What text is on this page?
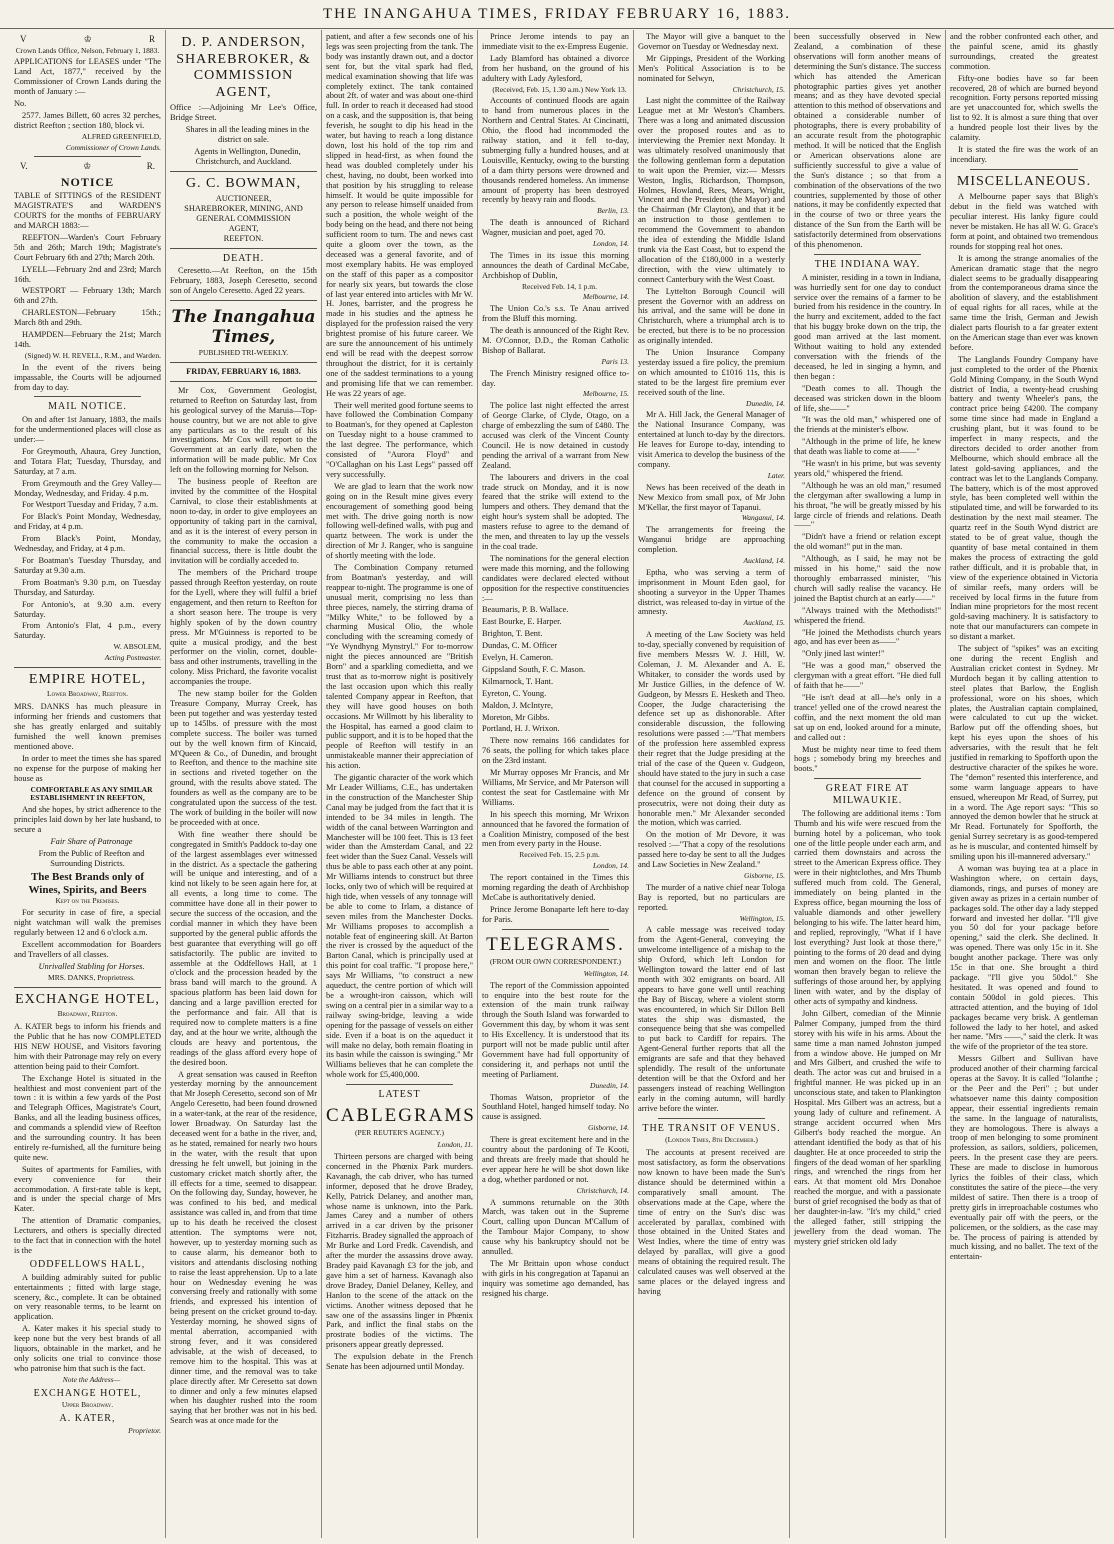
THE INANGAHUA TIMES, FRIDAY FEBRUARY 16, 1883.
V	♔	R

Crown Lands Office, Nelson, February 1, 1883.

APPLICATIONS for LEASES under "The Land Act, 1877," received by the Commissioner of Crown Lands during the month of January :—

No.

2577. James Billett, 60 acres 32 perches, district Reefton ; section 180, block vi.

ALFRED GREENFIELD,

Commissioner of Crown Lands.

V.	♔	R.
NOTICE

TABLE of SITTINGS of the RESIDENT MAGISTRATE'S and WARDEN'S COURTS for the months of FEBRUARY and MARCH 1883:—

REEFTON—Warden's Court February 5th and 26th; March 19th; Magistrate's Court February 6th and 27th; March 20th.

LYELL—February 2nd and 23rd; March 16th.

WESTPORT — February 13th; March 6th and 27th.

CHARLESTON—February 15th.; March 8th and 29th.

HAMPDEN—February the 21st; March 14th.

(Signed) W. H. REVELL, R.M., and Warden.

In the event of the rivers being impassable, the Courts will be adjourned from day to day.

MAIL NOTICE.

On and after 1st January, 1883, the mails for the undermentioned places will close as under:—

For Greymouth, Ahaura, Grey Junction, and Totara Flat; Tuesday, Thursday, and Saturday, at 7 a.m.

From Greymouth and the Grey Valley—Monday, Wednesday, and Friday. 4 p.m.

For Westport Tuesday and Friday, 7 a.m.

For Black's Point Monday, Wednesday, and Friday, at 4 p.m.

From Black's Point, Monday, Wednesday, and Friday, at 4 p.m.

For Boatman's Tuesday Thursday, and Saturday at 9.30 a.m.

From Boatman's 9.30 p.m, on Tuesday Thursday, and Saturday.

For Antonio's, at 9.30 a.m. every Saturday.

From Antonio's Flat, 4 p.m., every Saturday.

W. ABSOLEM,

Acting Postmaster.

EMPIRE HOTEL,
Lower Broadway, Reefton.

MRS. DANKS has much pleasure in informing her friends and customers that she has greatly enlarged and suitably furnished the well known premises mentioned above.

In order to meet the times she has spared no expense for the purpose of making her house as

COMFORTABLE AS ANY SIMILAR ESTABLISHMENT IN REEFTON,

And she hopes, by strict adherence to the principles laid down by her late husband, to secure a

Fair Share of Patronage

From the Public of Reefton and Surrounding Districts.

The Best Brands only of Wines, Spirits, and Beers
Kept on the Premises.

For security in case of fire, a special night watchman will walk the premises regularly between 12 and 6 o'clock a.m.

Excellent accommodation for Boarders and Travellers of all classes.

Unrivalled Stabling for Horses.

MRS. DANKS, Proprietress.

EXCHANGE HOTEL,
Broadway, Reefton.

A. KATER begs to inform his friends and the Public that he has now COMPLETED HIS NEW HOUSE, and Visitors favoring him with their Patronage may rely on every attention being paid to their Comfort.

The Exchange Hotel is situated in the healthiest and most convenient part of the town : it is within a few yards of the Post and Telegraph Offices, Magistrate's Court, Banks, and all the leading business offices, and commands a splendid view of Reefton and the surrounding country. It has been entirely re-furnished, all the furniture being quite new.

Suites of apartments for Families, with every convenience for their accommodation. A first-rate table is kept, and is under the special charge of Mrs Kater.

The attention of Dramatic companies, Lecturers, and others is specially directed to the fact that in connection with the hotel is the

ODDFELLOWS HALL,

A building admirably suited for public entertainments ; fitted with large stage, scenery, &c., complete. It can be obtained on very reasonable terms, to be learnt on application.

A. Kater makes it his special study to keep none but the very best brands of all liquors, obtainable in the market, and he only solicits one trial to convince those who patronise him that such is the fact.

Note the Address—

EXCHANGE HOTEL,
Upper Broadway.
A. KATER,

Proprietor.

D. P. ANDERSON, SHAREBROKER, & COMMISSION AGENT,

Office :—Adjoining Mr Lee's Office, Bridge Street.

Shares in all the leading mines in the district on sale.

Agents in Wellington, Dunedin, Christchurch, and Auckland.

G. C. BOWMAN,
AUCTIONEER,
SHAREBROKER, MINING, AND
GENERAL COMMISSION
AGENT,
REEFTON.
DEATH.

Ceresetto.—At Reefton, on the 15th February, 1883, Joseph Ceresetto, second son of Angelo Ceresetto. Aged 22 years.

The Inangahua Times,
PUBLISHED TRI-WEEKLY.
FRIDAY, FEBRUARY 16, 1883.

Mr Cox, Government Geologist, returned to Reefton on Saturday last, from his geological survey of the Maruia—Top-house country, but we are not able to give any particulars as to the result of his investigations. Mr Cox will report to the Government at an early date, when the information will be made public. Mr Cox left on the following morning for Nelson.

The business people of Reefton are invited by the committee of the Hospital Carnival, to close their establishments at noon to-day, in order to give employees an opportunity of taking part in the carnival, and as it is the interest of every person in the community to make the occasion a financial success, there is little doubt the invitation will be cordially acceded to.

The members of the Prichard troupe passed through Reefton yesterday, on route for the Lyell, where they will fulfil a brief engagement, and then return to Reefton for a short season here. The troupe is very highly spoken of by the down country press. Mr M'Guinness is reported to be quite a musical prodigy, and the best performer on the violin, cornet, double-bass and other instruments, travelling in the colony. Miss Prichard, the favorite vocalist accompanies the troupe.

The new stamp boiler for the Golden Treasure Company, Murray Creek, has been put together and was yesterday tested up to 145lbs. of pressure with the most complete success. The boiler was turned out by the well known firm of Kincaid, M'Queen & Co., of Dunedin, and brought to Reefton, and thence to the machine site in sections and riveted together on the ground, with the results above stated. The founders as well as the company are to be congratulated upon the success of the test. The work of building in the boiler will now be proceeded with at once.

With fine weather there should be congregated in Smith's Paddock to-day one of the largest assemblages ever witnessed in the district. As a spectacle the gathering will be unique and interesting, and of a kind not likely to be seen again here for, at all events, a long time to come. The committee have done all in their power to secure the success of the occasion, and the cordial manner in which they have been supported by the general public affords the best guarantee that everything will go off satisfactorily. The public are invited to assemble at the Oddfellows Hall, at 1 o'clock and the procession headed by the brass band will march to the ground. A spacious platform has been laid down for dancing and a large pavillion erected for the performance and fair. All that is required now to complete matters is a fine day, and at the hour we write, although the clouds are heavy and portentous, the readings of the glass afford every hope of the desired boon.

A great sensation was caused in Reefton yesterday morning by the announcement that Mr Joseph Ceresetto, second son of Mr Angelo Ceresetto, had been found drowned in a water-tank, at the rear of the residence, lower Broadway. On Saturday last the deceased went for a bathe in the river, and, as he stated, remained for nearly two hours in the water, with the result that upon dressing he felt unwell, but joining in the customary cricket match shortly after, the ill effects for a time, seemed to disappear. On the following day, Sunday, however, he was confined to his bed, and medical assistance was called in, and from that time up to his death he received the closest attention. The symptoms were not, however, up to yesterday morning such as to cause alarm, his demeanor both to visitors and attendants disclosing nothing to raise the least apprehension. Up to a late hour on Wednesday evening he was conversing freely and rationally with some friends, and expressed his intention of being present on the cricket ground to-day. Yesterday morning, he showed signs of mental aberration, accompanied with strong fever, and it was considered advisable, at the wish of deceased, to remove him to the hospital. This was at dinner time, and the removal was to take place directly after. Mr Ceresetto sat down to dinner and only a few minutes elapsed when his daughter rushed into the room saying that her brother was not in his bed. Search was at once made for the

patient, and after a few seconds one of his legs was seen projecting from the tank. The body was instantly drawn out, and a doctor sent for, but the vital spark had fled, medical examination showing that life was completely extinct. The tank contained about 2ft. of water and was about one-third full. In order to reach it deceased had stood on a cask, and the supposition is, that being feverish, he sought to dip his head in the water, but having to reach a long distance down, lost his hold of the top rim and slipped in head-first, as when found the head was doubled completely under his chest, having, no doubt, been worked into that position by his struggling to release himself. It would be quite impossible for any person to release himself unaided from such a position, the whole weight of the body being on the head, and there not being sufficient room to turn. The and news cast quite a gloom over the town, as the deceased was a general favorite, and of most exemplary habits. He was employed on the staff of this paper as a compositor for nearly six years, but towards the close of last year entered into articles with Mr W. H. Jones, barrister, and the progress he made in his studies and the aptness he displayed for the profession raised the very brightest promise of his future career. We are sure the announcement of his untimely end will be read with the deepest sorrow throughout the district, for it is certainly one of the saddest terminations to a young and promising life that we can remember. He was 22 years of age.

Their well merited good fortune seems to have followed the Combination Company to Boatman's, for they opened at Capleston on Tuesday night to a house crammed to the last degree. The performance, which consisted of "Aurora Floyd" and "O'Callaghan on his Last Legs" passed off very successfully.

We are glad to learn that the work now going on in the Result mine gives every encouragement of something good being met with. The drive going north is now following well-defined walls, with pug and quartz between. The work is under the direction of Mr J. Ranger, who is sanguine of shortly meeting with the lode.

The Combination Company returned from Boatman's yesterday, and will reappear to-night. The programme is one of unusual merit, comprising no less than three pieces, namely, the stirring drama of "Milky White," to be followed by a charming Musical Olio, the whole concluding with the screaming comedy of "Ye Wyndhyng Mynstryl." For to-morrow night the pieces announced are "British Born" and a sparkling comedietta, and we trust that as to-morrow night is positively the last occasion upon which this really talented Company appear in Reefton, that they will have good houses on both occasions. Mr Willmott by his liberality to the Hospital, has earned a good claim to public support, and it is to be hoped that the people of Reefton will testify in an unmistakeable manner their appreciation of his action.

The gigantic character of the work which Mr Leader Williams, C.E., has undertaken in the construction of the Manchester Ship Canal may be judged from the fact that it is intended to be 34 miles in length. The width of the canal between Warrington and Manchester will be 100 feet. This is 13 feet wider than the Amsterdam Canal, and 22 feet wider than the Suez Canal. Vessels will thus be able to pass each other at any point. Mr Williams intends to construct but three locks, only two of which will be required at high tide, when vessels of any tonnage will be able to come to Irlam, a distance of seven miles from the Manchester Docks. Mr Williams proposes to accomplish a notable feat of engineering skill. At Barton the river is crossed by the aqueduct of the Barton Canal, which is principally used at this point for coal traffic. "I propose here," says Mr Williams, "to construct a new aqueduct, the centre portion of which will be a wrought-iron caisson, which will swing on a central pier in a similar way to a railway swing-bridge, leaving a wide opening for the passage of vessels on either side. Even if a boat is on the aqueduct it will make no delay, both remain floating in its basin while the caisson is swinging." Mr Williams believes that he can complete the whole work for £5,400,000.

LATEST
CABLEGRAMS
(PER REUTER'S AGENCY.)

London, 11.

Thirteen persons are charged with being concerned in the Phœnix Park murders. Kavanagh, the cab driver, who has turned informer, deposed that he drove Bradey, Kelly, Patrick Delaney, and another man, whose name is unknown, into the Park. James Carey and a number of others arrived in a car driven by the prisoner Fitzharris. Bradey signalled the approach of Mr Burke and Lord Fredk. Cavendish, and after the murder the assassins drove away. Bradey paid Kavanagh £3 for the job, and gave him a set of harness. Kavanagh also drove Bradey, Daniel Delaney, Kelley, and Hanlon to the scene of the attack on the victims. Another witness deposed that he saw one of the assassins linger in Phœnix Park, and inflict the final stabs on the prostrate bodies of the victims. The prisoners appear greatly depressed.

The expulsion debate in the French Senate has been adjourned until Monday.

Prince Jerome intends to pay an immediate visit to the ex-Empress Eugenie.

Lady Blamford has obtained a divorce from her husband, on the ground of his adultery with Lady Aylesford,

(Received, Feb. 15, 1.30 a.m.) New York 13.

Accounts of continued floods are again to hand from numerous places in the Northern and Central States. At Cincinatti, Ohio, the flood had incommoded the railway station, and it fell to-day, submerging fully a hundred houses, and at Louisville, Kentucky, owing to the bursting of a dam thirty persons were drowned and thousands rendered homeless. An immense amount of property has been destroyed recently by heavy rain and floods.

Berlin, 13.

The death is announced of Richard Wagner, musician and poet, aged 70.

London, 14.

The Times in its issue this morning announces the death of Cardinal McCabe, Archbishop of Dublin,

Received Feb. 14, 1 p.m.

Melbourne, 14.

The Union Co.'s s.s. Te Anau arrived from the Bluff this morning.

The death is announced of the Right Rev. M. O'Connor, D.D., the Roman Catholic Bishop of Ballarat.

Paris 13.

The French Ministry resigned office to-day.

Melbourne, 15.

The police last night effected the arrest of George Clarke, of Clyde, Otago, on a charge of embezzling the sum of £480. The accused was clerk of the Vincent County Council. He is now detained in custody pending the arrival of a warrant from New Zealand.

The labourers and drivers in the coal trade struck on Monday, and it is now feared that the strike will extend to the lumpers and others. They demand that the eight hour's system shall be adopted. The masters refuse to agree to the demand of the men, and threaten to lay up the vessels in the coal trade.

The nominations for the general election were made this morning, and the following candidates were declared elected without opposition for the respective constituencies :—

Beaumaris, P. B. Wallace.

East Bourke, E. Harper.

Brighton, T. Bent.

Dundas, C. M. Officer

Evelyn, H. Cameron.

Gippsland South, F. C. Mason.

Kilmarnock, T. Hant.

Eyreton, C. Young.

Maldon, J. McIntyre,

Moreton, Mr Gibbs.

Portland, H. J. Wrixon.

There now remains 166 candidates for 76 seats, the polling for which takes place on the 23rd instant.

Mr Murray opposes Mr Francis, and Mr Williams, Mr Service, and Mr Paterson will contest the seat for Castlemaine with Mr Williams.

In his speech this morning, Mr Wrixon announced that he favored the formation of a Coalition Ministry, composed of the best men from every party in the House.

Received Feb. 15, 2.5 p.m.

London, 14.

The report contained in the Times this morning regarding the death of Archbishop McCabe is authoritatively denied.

Prince Jerome Bonaparte left here to-day for Paris.

TELEGRAMS.
(FROM OUR OWN CORRESPONDENT.)

Wellington, 14.

The report of the Commission appointed to enquire into the best route for the extension of the main trunk railway through the South Island was forwarded to Government this day, by whom it was sent to His Excellency. It is understood that its purport will not be made public until after Government have had full opportunity of considering it, and perhaps not until the meeting of Parliament.

Dunedin, 14.

Thomas Watson, proprietor of the Southland Hotel, hanged himself today. No cause is assigned.

Gisborne, 14.

There is great excitement here and in the country about the pardoning of Te Kooti, and threats are freely made that should he ever appear here he will be shot down like a dog, whether pardoned or not.

Christchurch, 14.

A summons returnable on the 30th March, was taken out in the Supreme Court, calling upon Duncan M'Callum of the Tambour Major Company, to show cause why his bankruptcy should not be annulled.

The Mr Brittain upon whose conduct with girls in his congregation at Tapanui an inquiry was sometime ago demanded, has resigned his charge.

The Mayor will give a banquet to the Governor on Tuesday or Wednesday next.

Mr Gippings, President of the Working Men's Political Association is to be nominated for Selwyn,

Christchurch, 15.

Last night the committee of the Railway League met at Mr Weston's Chambers. There was a long and animated discussion over the proposed routes and as to interviewing the Premier next Monday. It was ultimately resolved unanimously that the following gentleman form a deputation to wait upon the Premier, viz:— Messrs Weston, Inglis, Richardson, Thompson, Holmes, Howland, Rees, Mears, Wright, Vincent and the President (the Mayor) and the Chairman (Mr Clayton), and that it be an instruction to those gentlemen to recommend the Government to abandon the idea of extending the Middle Island trunk via the East Coast, but to expend the allocation of the £180,000 in a westerly direction, with the view ultimately to connect Canterbury with the West Coast.

The Lyttelton Borough Council will present the Governor with an address on his arrival, and the same will be done in Christchurch, where a triumphal arch is to be erected, but there is to be no procession as originally intended.

The Union Insurance Company yesterday issued a fire policy, the premium on which amounted to £1016 11s, this is stated to be the largest fire premium ever received south of the line.

Dunedin, 14.

Mr A. Hill Jack, the General Manager of the National Insurance Company, was entertained at lunch to-day by the directors. He leaves for Europe to-day, intending to visit America to develop the business of the company.

Later.

News has been received of the death in New Mexico from small pox, of Mr John M'Kellar, the first mayor of Tapanui.

Wanganui, 14.

The arrangements for freeing the Wanganui bridge are approaching completion.

Auckland, 14.

Eptha, who was serving a term of imprisonment in Mount Eden gaol, for shooting a surveyor in the Upper Thames district, was released to-day in virtue of the amnesty.

Auckland, 15.

A meeting of the Law Society was held to-day, specially convened by requisition of five members Messrs W. J. Hill, W. Coleman, J. M. Alexander and A. E. Whitaker, to consider the words used by Mr Justice Gillies, in the defence of W. Gudgeon, by Messrs E. Hesketh and Theo. Cooper, the Judge characterising the defence set up as dishonorable. After considerable discussion, the following resolutions were passed :—"That members of the profession here assembled express their regret that the Judge presiding at the trial of the case of the Queen v. Gudgeon, should have stated to the jury in such a case that counsel for the accused in supporting a defence on the ground of consent by prosecutrix, were not doing their duty as honorable men." Mr Alexander seconded the motion, which was carried.

On the motion of Mr Devore, it was resolved :—"That a copy of the resolutions passed here to-day be sent to all the Judges and Law Societies in New Zealand."

Gisborne, 15.

The murder of a native chief near Tologa Bay is reported, but no particulars are reported.

Wellington, 15.

A cable message was received today from the Agent-General, conveying the unwelcome intelligence of a mishap to the ship Oxford, which left London for Wellington toward the latter end of last month with 302 emigrants on board. All appears to have gone well until reaching the Bay of Biscay, where a violent storm was encountered, in which Sir Dillon Bell states the ship was dismasted, the consequence being that she was compelled to put back to Cardiff for repairs. The Agent-General further reports that all the emigrants are safe and that they behaved splendidly. The result of the unfortunate detention will be that the Oxford and her passengers instead of reaching Wellington early in the coming autumn, will hardly arrive before the winter.

THE TRANSIT OF VENUS.
(London Times, 8th December.)

The accounts at present received are most satisfactory, as form the observations now known to have been made the Sun's distance should be determined within a comparatively small amount. The observations made at the Cape, where the time of entry on the Sun's disc was accelerated by parallax, combined with those obtained in the United States and West Indies, where the time of entry was delayed by parallax, will give a good means of obtaining the required result. The calculated causes was well observed at the same places or the delayed ingress and having

been successfully observed in New Zealand, a combination of these observations will form another means of determining the Sun's distance. The success which has attended the American photographic parties gives yet another means; and as they have devoted special attention to this method of observations and obtained a considerable number of photographs, there is every probability of an accurate result from the photographic method. It will be noticed that the English or American observations alone are sufficiently successful to give a value of the Sun's distance ; so that from a combination of the observations of the two countries, supplemented by those of other nations, it may be confidently expected that in the course of two or three years the distance of the Sun from the Earth will be satisfactorily determined from observations of this phenomenon.

THE INDIANA WAY.

A minister, residing in a town in Indiana, was hurriedly sent for one day to conduct service over the remains of a farmer to be buried from his residence in the country. In the hurry and excitement, added to the fact that his buggy broke down on the trip, the good man arrived at the last moment. Without waiting to hold any extended conversation with the friends of the deceased, he led in singing a hymn, and then began :

"Death comes to all. Though the deceased was stricken down in the bloom of life, she——"

"It was the old man," whispered one of the friends at the minister's elbow.

"Although in the prime of life, he knew that death was liable to come at——"

"He wasn't in his prime, but was seventy years old," whispered the friend.

"Although he was an old man," resumed the clergyman after swallowing a lump in his throat, "he will be greatly missed by his large circle of friends and relations. Death——"

"Didn't have a friend or relation except the old woman!" put in the man.

"Although, as I said, he may not be missed in his home," said the now thoroughly embarrassed minister, "his church will sadly realise the vacancy. He joined the Baptist church at an early——"

"Always trained with the Methodists!" whispered the friend.

"He joined the Methodists church years ago, and has ever been as——"

"Only jined last winter!"

"He was a good man," observed the clergyman with a great effort. "He died full of faith that he——"

"He isn't dead at all—he's only in a trance! yelled one of the crowd nearest the coffin, and the next moment the old man sat up on end, looked around for a minute, and called out :

Must be mighty near time to feed them hogs ; somebody bring my breeches and boots."

GREAT FIRE AT MILWAUKIE.

The following are additional items : Tom Thumb and his wife were rescued from the burning hotel by a policeman, who took one of the little people under each arm, and carried them downstairs and across the street to the American Express office. They were in their nightclothes, and Mrs Thumb suffered much from cold. The General, immediately on being planted in the Express office, began mourning the loss of valuable diamonds and other jewellery belonging to his wife. The latter heard him, and replied, reprovingly, "What if I have lost everything? Just look at those there," pointing to the forms of 20 dead and dying men and women on the floor. The little woman then bravely began to relieve the sufferings of those around her, by applying linen with water, and by the display of other acts of sympathy and kindness.

John Gilbert, comedian of the Minnie Palmer Company, jumped from the third storey with his wife in his arms. About the same time a man named Johnston jumped from a window above. He jumped on Mr and Mrs Gilbert, and crushed the wife to death. The actor was cut and bruised in a frightful manner. He was picked up in an unconscious state, and taken to Plankington Hospital. Mrs Gilbert was an actress, but a young lady of culture and refinement. A strange accident occurred when Mrs Gilbert's body reached the morgue. An attendant identified the body as that of his daughter. He at once proceeded to strip the fingers of the dead woman of her sparkling rings, and wrenched the rings from her ears. At that moment old Mrs Donahoe reached the morgue, and with a passionate burst of grief recognised the body as that of her daughter-in-law. "It's my child," cried the alleged father, still stripping the jewellery from the dead woman. The mystery grief stricken old lady

and the robber confronted each other, and the painful scene, amid its ghastly surroundings, created the greatest commotion.

Fifty-one bodies have so far been recovered, 28 of which are burned beyond recognition. Forty persons reported missing are yet unaccounted for, which swells the list to 92. It is almost a sure thing that over a hundred people lost their lives by the calamity.

It is stated the fire was the work of an incendiary.

MISCELLANEOUS.

A Melbourne paper says that Bligh's debut in the field was watched with peculiar interest. His lanky figure could never be mistaken. He has all W. G. Grace's form at point, and obtained two tremendous rounds for stopping real hot ones.

It is among the strange anomalies of the American dramatic stage that the negro dialect seems to be gradually disappearing from the contemporaneous drama since the abolition of slavery, and the establishment of equal rights for all races, while at the same time the Irish, German and Jewish dialect parts flourish to a far greater extent on the American stage than ever was known before.

The Langlands Foundry Company have just completed to the order of the Phœnix Gold Mining Company, in the South Wynd district of India, a twenty-head crushing battery and twenty Wheeler's pans, the contract price being £4200. The company some time since had made in England a crushing plant, but it was found to be imperfect in many respects, and the directors decided to order another from Melbourne, which should embrace all the latest gold-saving appliances, and the contract was let to the Langlands Company. The battery, which is of the most approved style, has been completed well within the stipulated time, and will be forwarded to its destination by the next mail steamer. The quartz reef in the South Wynd district are stated to be of great value, though the quantity of base metal contained in them makes the process of extracting the gold rather difficult, and it is probable that, in view of the experience obtained in Victoria of similar reefs, many orders will be received by local firms in the future from Indian mine proprietors for the most recent gold-saving machinery. It is satisfactory to note that our manufacturers can compete in so distant a market.

The subject of "spikes" was an exciting one during the recent English and Australian cricket contest in Sydney. Mr Murdoch began it by calling attention to steel plates that Barlow, the English professional, wore on his shoes, which plates, the Australian captain complained, were calculated to cut up the wicket. Barlow put off the offending shoes, but kept his eyes upon the shoes of his adversaries, with the result that he felt justified in remarking to Spofforth upon the destructive character of the spikes he wore. The "demon" resented this interference, and some warm language appears to have ensued, whereupon Mr Read, of Surrey, put in a word. The Age report says: "This so annoyed the demon bowler that he struck at Mr Read. Fortunately for Spofforth, the genial Surrey secretary is as good-tempered as he is muscular, and contented himself by smiling upon his ill-mannered adversary."

A woman was buying tea at a place in Washington where, on certain days, diamonds, rings, and purses of money are given away as prizes in a certain number of packages sold. The other day a lady stepped forward and invested her dollar. "I'll give you 50 dol for your package before opening," said the clerk. She declined. It was opened. There was only 15c in it. She bought another package. There was only 15c in that one. She brought a third package. "I'll give you 50dol." She hesitated. It was opened and found to contain 500dol in gold pieces. This attracted attention, and the buying of 1dol packages became very brisk. A gentleman followed the lady to her hotel, and asked her name. "Mrs ——," said the clerk. It was the wife of the proprietor of the tea store.

Messrs Gilbert and Sullivan have produced another of their charming farcical operas at the Savoy. It is called "Iolanthe ; or the Peer and the Peri" ; but under whatsoever name this dainty composition appear, their essential ingredients remain the same. In the language of naturalists, they are homologous. There is always a troop of men belonging to some prominent profession, as sailors, soldiers, policemen, peers. In the present case they are peers. These are made to disclose in humorous lyrics the foibles of their class, which constitutes the satire of the piece—the very mildest of satire. Then there is a troop of pretty girls in irreproachable costumes who eventually pair off with the peers, or the policemen, or the soldiers, as the case may be. The process of pairing is attended by much kissing, and no ballet. The text of the entertain-
